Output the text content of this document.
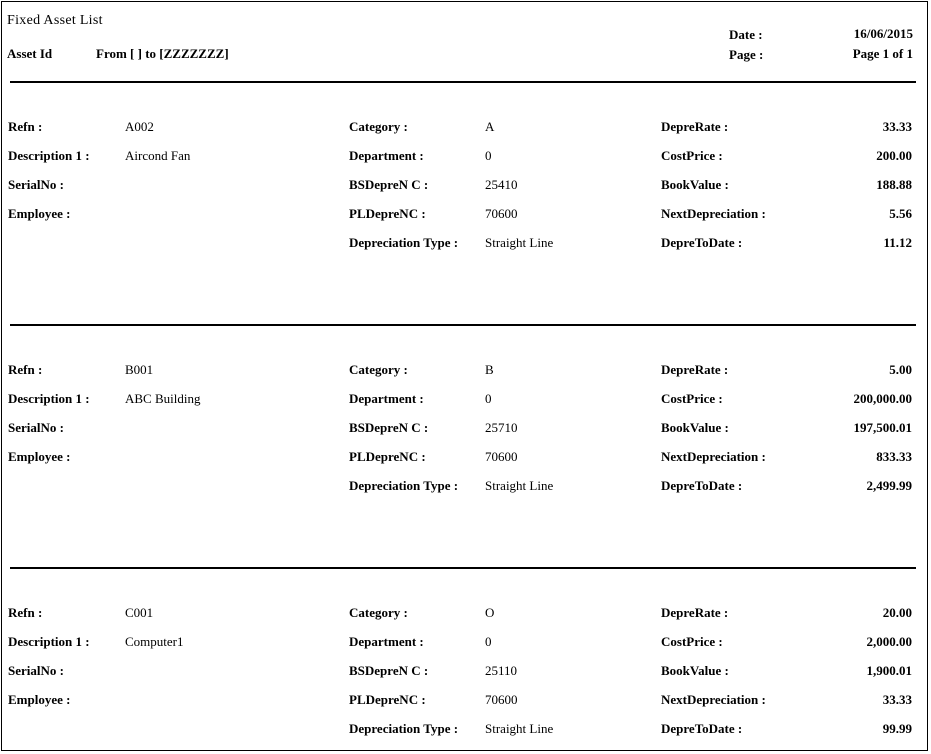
Fixed Asset List
Asset Id	From [ ] to [ZZZZZZZ]
Date :	16/06/2015
Page :	Page 1 of 1
Refn :	A002
Description 1 :	Aircond Fan
SerialNo :
Employee :
Category :	A
Department :	0
BSDepreN C :	25410
PLDepreNC :	70600
Depreciation Type : Straight Line
DepreRate :	33.33
CostPrice :	200.00
BookValue :	188.88
NextDepreciation :	5.56
DepreToDate :	11.12
Refn :	B001
Description 1 :	ABC Building
SerialNo :
Employee :
Category :	B
Department :	0
BSDepreN C :	25710
PLDepreNC :	70600
Depreciation Type : Straight Line
DepreRate :	5.00
CostPrice :	200,000.00
BookValue :	197,500.01
NextDepreciation :	833.33
DepreToDate :	2,499.99
Refn :	C001
Description 1 :	Computer1
SerialNo :
Employee :
Category :	O
Department :	0
BSDepreN C :	25110
PLDepreNC :	70600
Depreciation Type : Straight Line
DepreRate :	20.00
CostPrice :	2,000.00
BookValue :	1,900.01
NextDepreciation :	33.33
DepreToDate :	99.99
